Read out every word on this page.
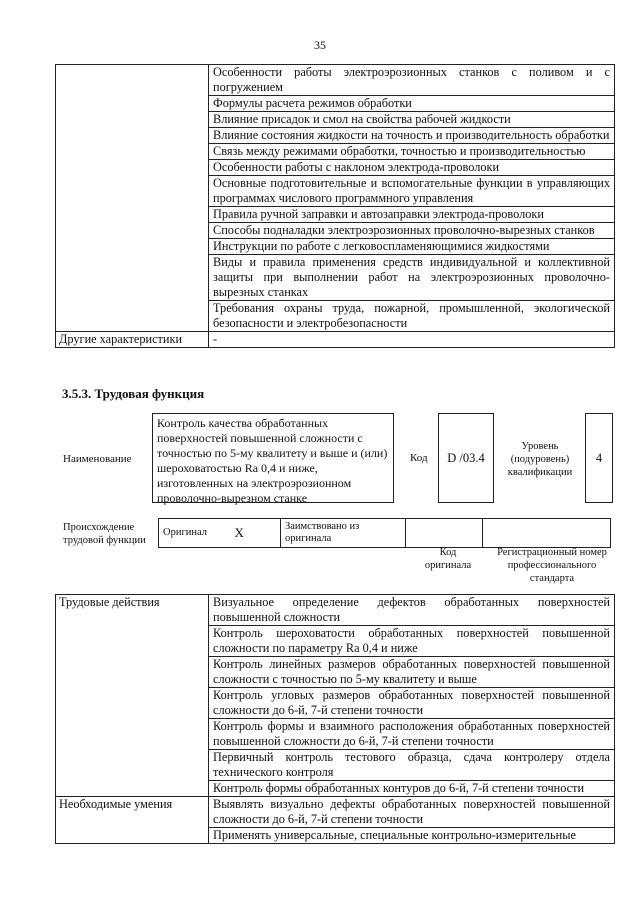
35
	Особенности работы электроэрозионных станков с поливом и с погружением
	Формулы расчета режимов обработки
	Влияние присадок и смол на свойства рабочей жидкости
	Влияние состояния жидкости на точность и производительность обработки
	Связь между режимами обработки, точностью и производительностью
	Особенности работы с наклоном электрода-проволоки
	Основные подготовительные и вспомогательные функции в управляющих программах числового программного управления
	Правила ручной заправки и автозаправки электрода-проволоки
	Способы подналадки электроэрозионных проволочно-вырезных станков
	Инструкции по работе с легковоспламеняющимися жидкостями
	Виды и правила применения средств индивидуальной и коллективной защиты при выполнении работ на электроэрозионных проволочно-вырезных станках
	Требования охраны труда, пожарной, промышленной, экологической безопасности и электробезопасности
Другие характеристики	-
3.5.3. Трудовая функция
Наименование
Контроль качества обработанных поверхностей повышенной сложности с точностью по 5-му квалитету и выше и (или) шероховатостью Ra 0,4 и ниже, изготовленных на электроэрозионном проволочно-вырезном станке
Код D /03.4
Уровень (подуровень) квалификации
4
Происхождение трудовой функции
Оригинал	X	Заимствовано из оригинала		
Код оригинала
Регистрационный номер профессионального стандарта
Трудовые действия	Визуальное определение дефектов обработанных поверхностей повышенной сложности
	Контроль шероховатости обработанных поверхностей повышенной сложности по параметру Ra 0,4 и ниже
	Контроль линейных размеров обработанных поверхностей повышенной сложности с точностью по 5-му квалитету и выше
	Контроль угловых размеров обработанных поверхностей повышенной сложности до 6-й, 7-й степени точности
	Контроль формы и взаимного расположения обработанных поверхностей повышенной сложности до 6-й, 7-й степени точности
	Первичный контроль тестового образца, сдача контролеру отдела технического контроля
	Контроль формы обработанных контуров до 6-й, 7-й степени точности
Необходимые умения	Выявлять визуально дефекты обработанных поверхностей повышенной сложности до 6-й, 7-й степени точности
	Применять универсальные, специальные контрольно-измерительные
